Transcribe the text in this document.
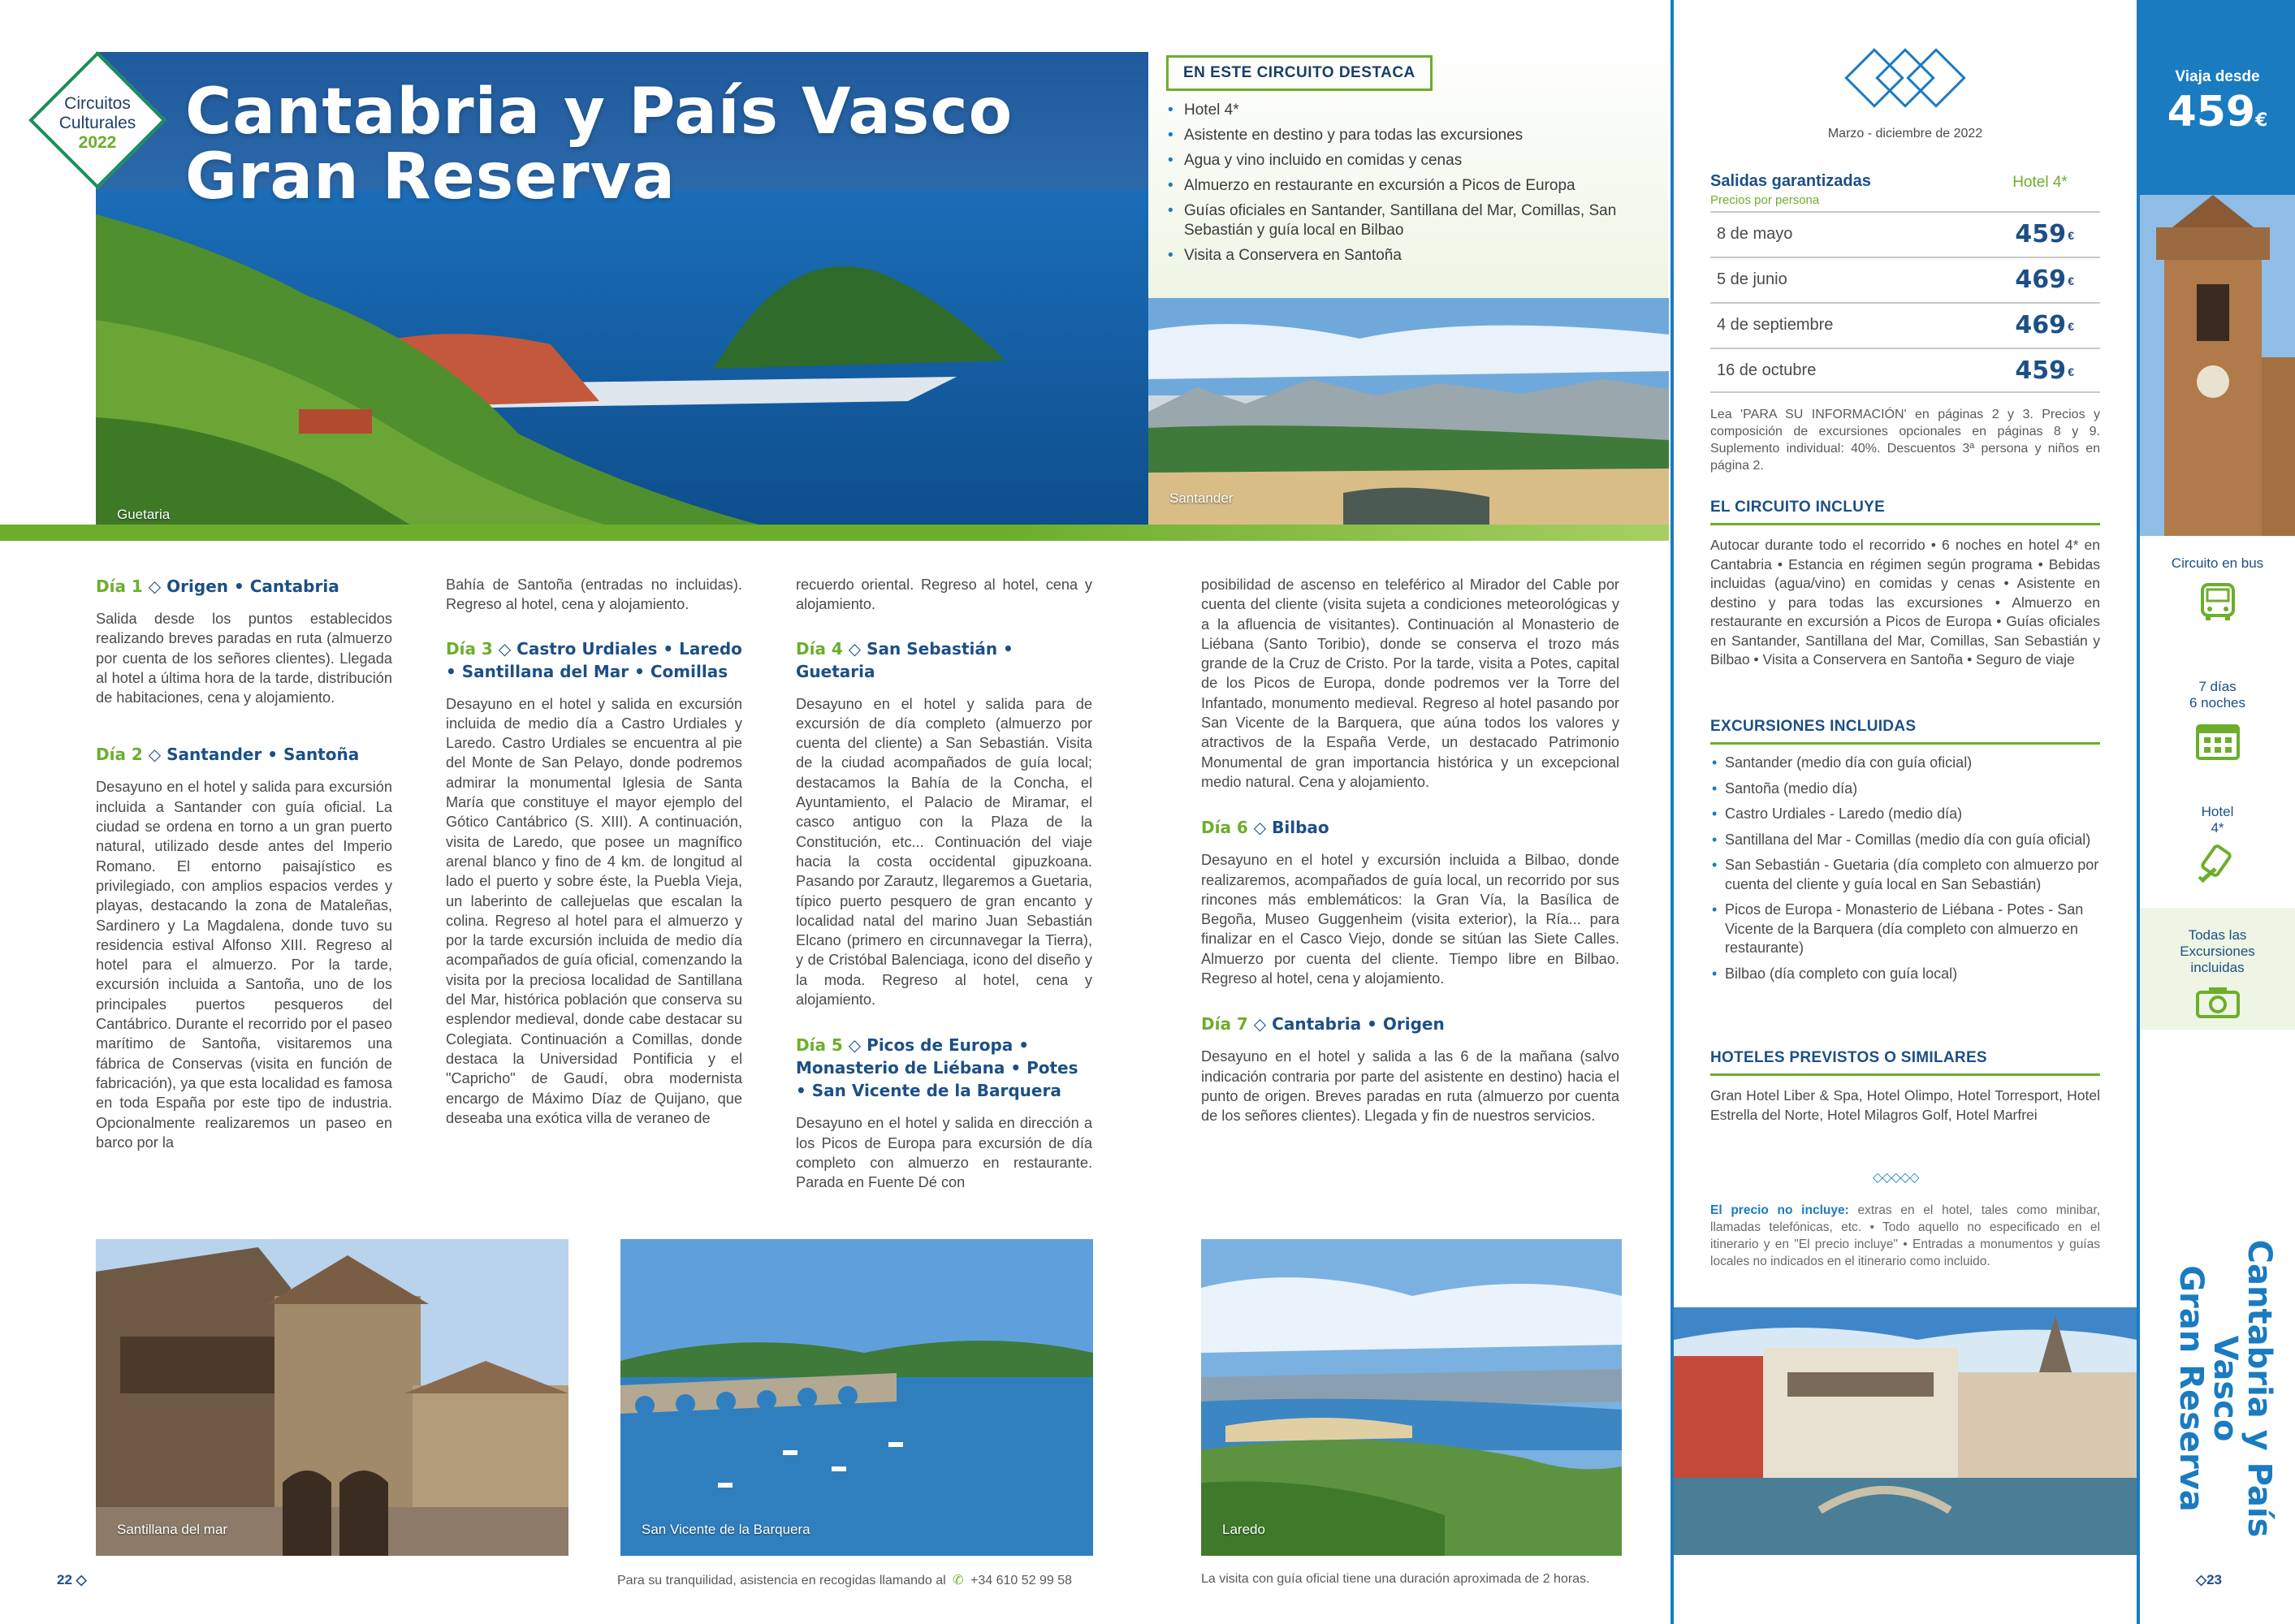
Guetaria
Cantabria y País Vasco
Gran Reserva
Circuitos
Culturales
2022
EN ESTE CIRCUITO DESTACA
• Hotel 4*
• Asistente en destino y para todas las excursiones
• Agua y vino incluido en comidas y cenas
• Almuerzo en restaurante en excursión a Picos de Europa
• Guías oficiales en Santander, Santillana del Mar, Comillas, San Sebastián y guía local en Bilbao
• Visita a Conservera en Santoña
Santander
Día 1 ◇ Origen • Cantabria
Salida desde los puntos establecidos realizando breves paradas en ruta (almuerzo por cuenta de los señores clientes). Llegada al hotel a última hora de la tarde, distribución de habitaciones, cena y alojamiento.
Día 2 ◇ Santander • Santoña
Desayuno en el hotel y salida para excursión incluida a Santander con guía oficial. La ciudad se ordena en torno a un gran puerto natural, utilizado desde antes del Imperio Romano. El entorno paisajístico es privilegiado, con amplios espacios verdes y playas, destacando la zona de Mataleñas, Sardinero y La Magdalena, donde tuvo su residencia estival Alfonso XIII. Regreso al hotel para el almuerzo. Por la tarde, excursión incluida a Santoña, uno de los principales puertos pesqueros del Cantábrico. Durante el recorrido por el paseo marítimo de Santoña, visitaremos una fábrica de Conservas (visita en función de fabricación), ya que esta localidad es famosa en toda España por este tipo de industria. Opcionalmente realizaremos un paseo en barco por la
Bahía de Santoña (entradas no incluidas). Regreso al hotel, cena y alojamiento.
Día 3 ◇ Castro Urdiales • Laredo • Santillana del Mar • Comillas
Desayuno en el hotel y salida en excursión incluida de medio día a Castro Urdiales y Laredo. Castro Urdiales se encuentra al pie del Monte de San Pelayo, donde podremos admirar la monumental Iglesia de Santa María que constituye el mayor ejemplo del Gótico Cantábrico (S. XIII). A continuación, visita de Laredo, que posee un magnífico arenal blanco y fino de 4 km. de longitud al lado el puerto y sobre éste, la Puebla Vieja, un laberinto de callejuelas que escalan la colina. Regreso al hotel para el almuerzo y por la tarde excursión incluida de medio día acompañados de guía oficial, comenzando la visita por la preciosa localidad de Santillana del Mar, histórica población que conserva su esplendor medieval, donde cabe destacar su Colegiata. Continuación a Comillas, donde destaca la Universidad Pontificia y el "Capricho" de Gaudí, obra modernista encargo de Máximo Díaz de Quijano, que deseaba una exótica villa de veraneo de
recuerdo oriental. Regreso al hotel, cena y alojamiento.
Día 4 ◇ San Sebastián • Guetaria
Desayuno en el hotel y salida para de excursión de día completo (almuerzo por cuenta del cliente) a San Sebastián. Visita de la ciudad acompañados de guía local; destacamos la Bahía de la Concha, el Ayuntamiento, el Palacio de Miramar, el casco antiguo con la Plaza de la Constitución, etc... Continuación del viaje hacia la costa occidental gipuzkoana. Pasando por Zarautz, llegaremos a Guetaria, típico puerto pesquero de gran encanto y localidad natal del marino Juan Sebastián Elcano (primero en circunnavegar la Tierra), y de Cristóbal Balenciaga, icono del diseño y la moda. Regreso al hotel, cena y alojamiento.
Día 5 ◇ Picos de Europa • Monasterio de Liébana • Potes • San Vicente de la Barquera
Desayuno en el hotel y salida en dirección a los Picos de Europa para excursión de día completo con almuerzo en restaurante. Parada en Fuente Dé con
posibilidad de ascenso en teleférico al Mirador del Cable por cuenta del cliente (visita sujeta a condiciones meteorológicas y a la afluencia de visitantes). Continuación al Monasterio de Liébana (Santo Toribio), donde se conserva el trozo más grande de la Cruz de Cristo. Por la tarde, visita a Potes, capital de los Picos de Europa, donde podremos ver la Torre del Infantado, monumento medieval. Regreso al hotel pasando por San Vicente de la Barquera, que aúna todos los valores y atractivos de la España Verde, un destacado Patrimonio Monumental de gran importancia histórica y un excepcional medio natural. Cena y alojamiento.
Día 6 ◇ Bilbao
Desayuno en el hotel y excursión incluida a Bilbao, donde realizaremos, acompañados de guía local, un recorrido por sus rincones más emblemáticos: la Gran Vía, la Basílica de Begoña, Museo Guggenheim (visita exterior), la Ría... para finalizar en el Casco Viejo, donde se sitúan las Siete Calles. Almuerzo por cuenta del cliente. Tiempo libre en Bilbao. Regreso al hotel, cena y alojamiento.
Día 7 ◇ Cantabria • Origen
Desayuno en el hotel y salida a las 6 de la mañana (salvo indicación contraria por parte del asistente en destino) hacia el punto de origen. Breves paradas en ruta (almuerzo por cuenta de los señores clientes). Llegada y fin de nuestros servicios.
Santillana del mar	San Vicente de la Barquera	Laredo
22 ◇	Para su tranquilidad, asistencia en recogidas llamando al ✆ +34 610 52 99 58	La visita con guía oficial tiene una duración aproximada de 2 horas.
Marzo - diciembre de 2022
Salidas garantizadas
Precios por persona
Hotel 4*
8 de mayo	459 €
5 de junio	469 €
4 de septiembre	469 €
16 de octubre	459 €
Lea 'PARA SU INFORMACIÓN' en páginas 2 y 3. Precios y composición de excursiones opcionales en páginas 8 y 9. Suplemento individual: 40%. Descuentos 3ª persona y niños en página 2.
EL CIRCUITO INCLUYE
Autocar durante todo el recorrido • 6 noches en hotel 4* en Cantabria • Estancia en régimen según programa • Bebidas incluidas (agua/vino) en comidas y cenas • Asistente en destino y para todas las excursiones • Almuerzo en restaurante en excursión a Picos de Europa • Guías oficiales en Santander, Santillana del Mar, Comillas, San Sebastián y Bilbao • Visita a Conservera en Santoña • Seguro de viaje
EXCURSIONES INCLUIDAS
• Santander (medio día con guía oficial)
• Santoña (medio día)
• Castro Urdiales - Laredo (medio día)
• Santillana del Mar - Comillas (medio día con guía oficial)
• San Sebastián - Guetaria (día completo con almuerzo por cuenta del cliente y guía local en San Sebastián)
• Picos de Europa - Monasterio de Liébana - Potes - San Vicente de la Barquera (día completo con almuerzo en restaurante)
• Bilbao (día completo con guía local)
HOTELES PREVISTOS O SIMILARES
Gran Hotel Liber & Spa, Hotel Olimpo, Hotel Torresport, Hotel Estrella del Norte, Hotel Milagros Golf, Hotel Marfrei
◇◇◇◇◇
El precio no incluye: extras en el hotel, tales como minibar, llamadas telefónicas, etc. • Todo aquello no especificado en el itinerario y en "El precio incluye" • Entradas a monumentos y guías locales no indicados en el itinerario como incluido.
Viaja desde
459€
Circuito en bus
7 días
6 noches
Hotel
4*
Todas las Excursiones incluidas
Cantabria y País Vasco
Gran Reserva
◇23
